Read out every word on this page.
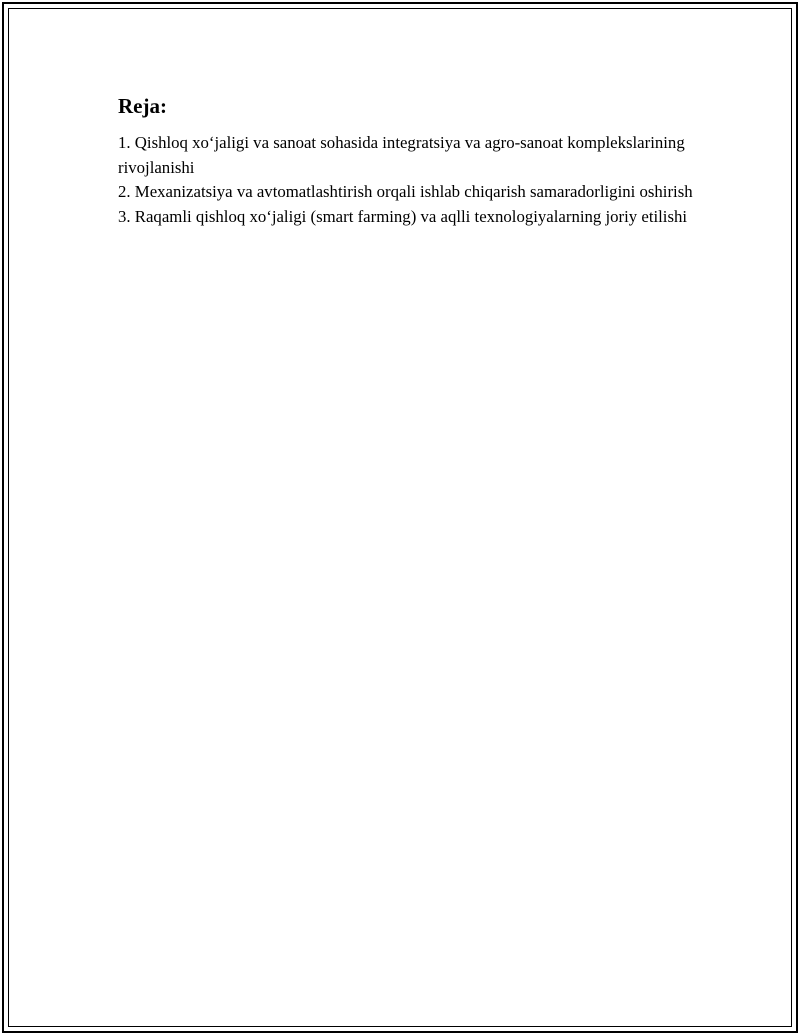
Reja:

1. Qishloq xo‘jaligi va sanoat sohasida integratsiya va agro-sanoat komplekslarining rivojlanishi

2. Mexanizatsiya va avtomatlashtirish orqali ishlab chiqarish samaradorligini oshirish

3. Raqamli qishloq xo‘jaligi (smart farming) va aqlli texnologiyalarning joriy etilishi
